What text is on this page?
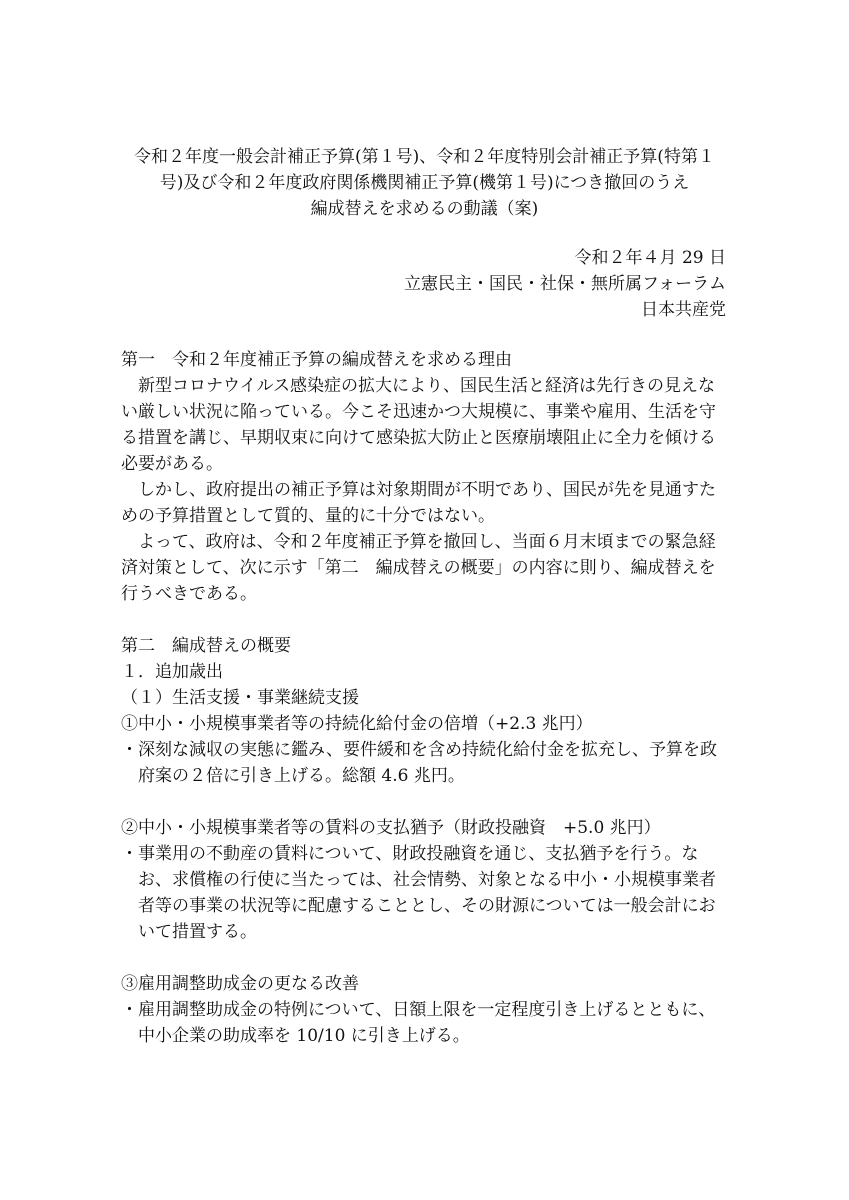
令和２年度一般会計補正予算(第１号)、令和２年度特別会計補正予算(特第１
号)及び令和２年度政府関係機関補正予算(機第１号)につき撤回のうえ
編成替えを求めるの動議（案)
令和２年４月 29 日
立憲民主・国民・社保・無所属フォーラム
日本共産党
第一　令和２年度補正予算の編成替えを求める理由
　新型コロナウイルス感染症の拡大により、国民生活と経済は先行きの見えな
い厳しい状況に陥っている。今こそ迅速かつ大規模に、事業や雇用、生活を守
る措置を講じ、早期収束に向けて感染拡大防止と医療崩壊阻止に全力を傾ける
必要がある。
　しかし、政府提出の補正予算は対象期間が不明であり、国民が先を見通すた
めの予算措置として質的、量的に十分ではない。
　よって、政府は、令和２年度補正予算を撤回し、当面６月末頃までの緊急経
済対策として、次に示す「第二　編成替えの概要」の内容に則り、編成替えを
行うべきである。
第二　編成替えの概要
１．追加歳出
（１）生活支援・事業継続支援
①中小・小規模事業者等の持続化給付金の倍増（+2.3 兆円）
・深刻な減収の実態に鑑み、要件緩和を含め持続化給付金を拡充し、予算を政
　府案の２倍に引き上げる。総額 4.6 兆円。
②中小・小規模事業者等の賃料の支払猶予（財政投融資　+5.0 兆円）
・事業用の不動産の賃料について、財政投融資を通じ、支払猶予を行う。な
　お、求償権の行使に当たっては、社会情勢、対象となる中小・小規模事業者
　者等の事業の状況等に配慮することとし、その財源については一般会計にお
　いて措置する。
③雇用調整助成金の更なる改善
・雇用調整助成金の特例について、日額上限を一定程度引き上げるとともに、
　中小企業の助成率を 10/10 に引き上げる。
